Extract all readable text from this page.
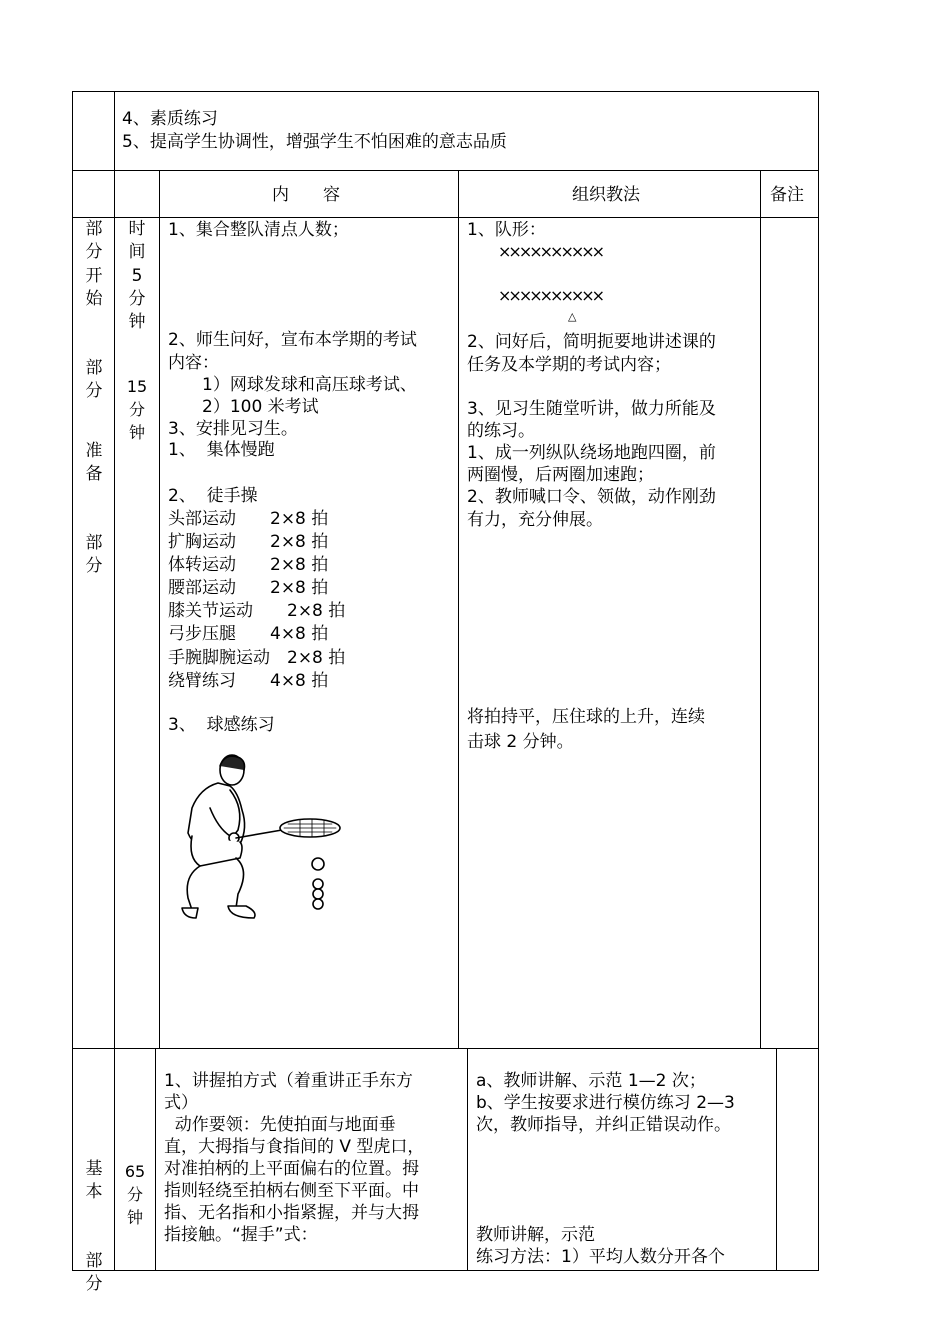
4、素质练习
5、提高学生协调性，增强学生不怕困难的意志品质

部
分

时
间

内　　容	组织教法	备注

开
始

部
分

准
备

部
分

5
分
钟

15
分
钟

1、集合整队清点人数；
2、师生问好，宣布本学期的考试
内容：
1）网球发球和高压球考试、
2）100 米考试
3、安排见习生。
1、  集体慢跑
2、  徒手操
头部运动　　2×8 拍
扩胸运动　　2×8 拍
体转运动　　2×8 拍
腰部运动　　2×8 拍
膝关节运动　　2×8 拍
弓步压腿　　4×8 拍
手腕脚腕运动　2×8 拍
绕臂练习　　4×8 拍
3、  球感练习
1、队形：
××××××××××
××××××××××
△
2、问好后，简明扼要地讲述课的
任务及本学期的考试内容；
3、见习生随堂听讲，做力所能及
的练习。
1、成一列纵队绕场地跑四圈，前
两圈慢，后两圈加速跑；
2、教师喊口令、领做，动作刚劲
有力，充分伸展。
将拍持平，压住球的上升，连续
击球 2 分钟。

基
本

部
分

65
分
钟

1、讲握拍方式（着重讲正手东方
式）
动作要领：先使拍面与地面垂
直，大拇指与食指间的 V 型虎口，
对准拍柄的上平面偏右的位置。拇
指则轻绕至拍柄右侧至下平面。中
指、无名指和小指紧握，并与大拇
指接触。“握手”式：
a、教师讲解、示范 1—2 次；
b、学生按要求进行模仿练习 2—3
次，教师指导，并纠正错误动作。
教师讲解，示范
练习方法：1）平均人数分开各个
